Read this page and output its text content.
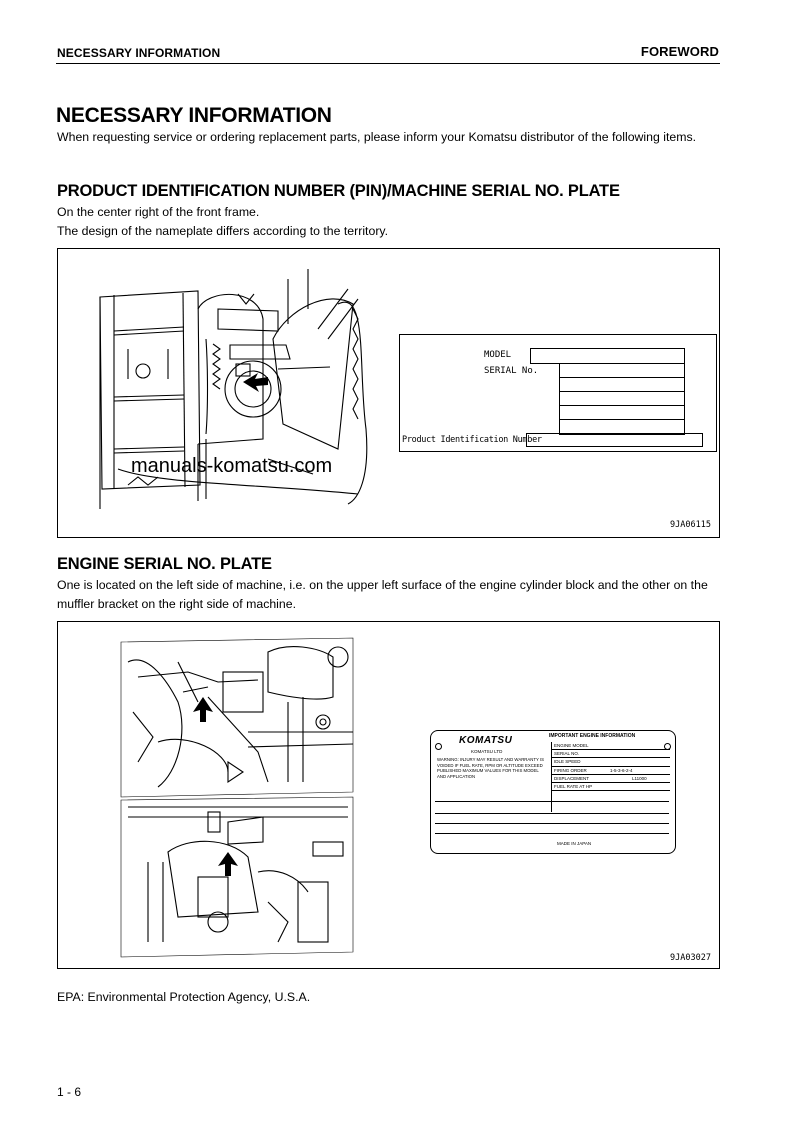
NECESSARY INFORMATION	FOREWORD
NECESSARY INFORMATION
When requesting service or ordering replacement parts, please inform your Komatsu distributor of the following items.
PRODUCT IDENTIFICATION NUMBER (PIN)/MACHINE SERIAL NO. PLATE
On the center right of the front frame.
The design of the nameplate differs according to the territory.
MODEL
SERIAL No.
Product Identification Number
manuals-komatsu.com
9JA06115
ENGINE SERIAL NO. PLATE
One is located on the left side of machine, i.e. on the upper left surface of the engine cylinder block and the other on the muffler bracket on the right side of machine.
KOMATSU
KOMATSU LTD
IMPORTANT ENGINE INFORMATION
WARNING: INJURY MAY RESULT AND WARRANTY IS VOIDED IF FUEL RATE, RPM OR ALTITUDE EXCEED PUBLISHED MAXIMUM VALUES FOR THIS MODEL AND APPLICATION
ENGINE MODEL
SERIAL NO.
IDLE SPEED
FIRING ORDER	1-5-3-6-2-4
DISPLACEMENT	L11000
FUEL RATE AT HP
MADE IN JAPAN
9JA03027
EPA: Environmental Protection Agency, U.S.A.
1 - 6
